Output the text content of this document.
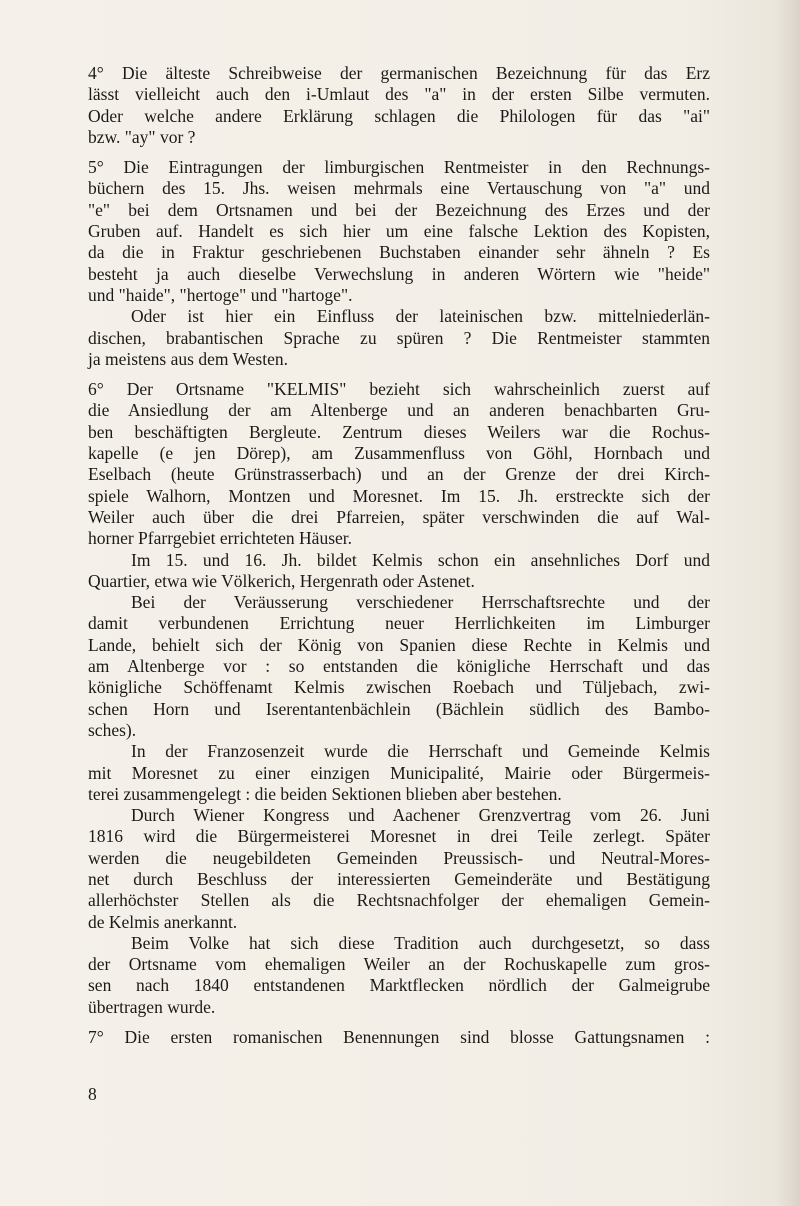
4° Die älteste Schreibweise der germanischen Bezeichnung für das Erz
lässt vielleicht auch den i-Umlaut des "a" in der ersten Silbe vermuten.
Oder welche andere Erklärung schlagen die Philologen für das "ai"
bzw. "ay" vor ?
5° Die Eintragungen der limburgischen Rentmeister in den Rechnungs-
büchern des 15. Jhs. weisen mehrmals eine Vertauschung von "a" und
"e" bei dem Ortsnamen und bei der Bezeichnung des Erzes und der
Gruben auf. Handelt es sich hier um eine falsche Lektion des Kopisten,
da die in Fraktur geschriebenen Buchstaben einander sehr ähneln ? Es
besteht ja auch dieselbe Verwechslung in anderen Wörtern wie "heide"
und "haide", "hertoge" und "hartoge".
Oder ist hier ein Einfluss der lateinischen bzw. mittelniederlän-
dischen, brabantischen Sprache zu spüren ? Die Rentmeister stammten
ja meistens aus dem Westen.
6° Der Ortsname "KELMIS" bezieht sich wahrscheinlich zuerst auf
die Ansiedlung der am Altenberge und an anderen benachbarten Gru-
ben beschäftigten Bergleute. Zentrum dieses Weilers war die Rochus-
kapelle (e jen Dörep), am Zusammenfluss von Göhl, Hornbach und
Eselbach (heute Grünstrasserbach) und an der Grenze der drei Kirch-
spiele Walhorn, Montzen und Moresnet. Im 15. Jh. erstreckte sich der
Weiler auch über die drei Pfarreien, später verschwinden die auf Wal-
horner Pfarrgebiet errichteten Häuser.
Im 15. und 16. Jh. bildet Kelmis schon ein ansehnliches Dorf und
Quartier, etwa wie Völkerich, Hergenrath oder Astenet.
Bei der Veräusserung verschiedener Herrschaftsrechte und der
damit verbundenen Errichtung neuer Herrlichkeiten im Limburger
Lande, behielt sich der König von Spanien diese Rechte in Kelmis und
am Altenberge vor : so entstanden die königliche Herrschaft und das
königliche Schöffenamt Kelmis zwischen Roebach und Tüljebach, zwi-
schen Horn und Iserentantenbächlein (Bächlein südlich des Bambo-
sches).
In der Franzosenzeit wurde die Herrschaft und Gemeinde Kelmis
mit Moresnet zu einer einzigen Municipalité, Mairie oder Bürgermeis-
terei zusammengelegt : die beiden Sektionen blieben aber bestehen.
Durch Wiener Kongress und Aachener Grenzvertrag vom 26. Juni
1816 wird die Bürgermeisterei Moresnet in drei Teile zerlegt. Später
werden die neugebildeten Gemeinden Preussisch- und Neutral-Mores-
net durch Beschluss der interessierten Gemeinderäte und Bestätigung
allerhöchster Stellen als die Rechtsnachfolger der ehemaligen Gemein-
de Kelmis anerkannt.
Beim Volke hat sich diese Tradition auch durchgesetzt, so dass
der Ortsname vom ehemaligen Weiler an der Rochuskapelle zum gros-
sen nach 1840 entstandenen Marktflecken nördlich der Galmeigrube
übertragen wurde.
7° Die ersten romanischen Benennungen sind blosse Gattungsnamen :
8
